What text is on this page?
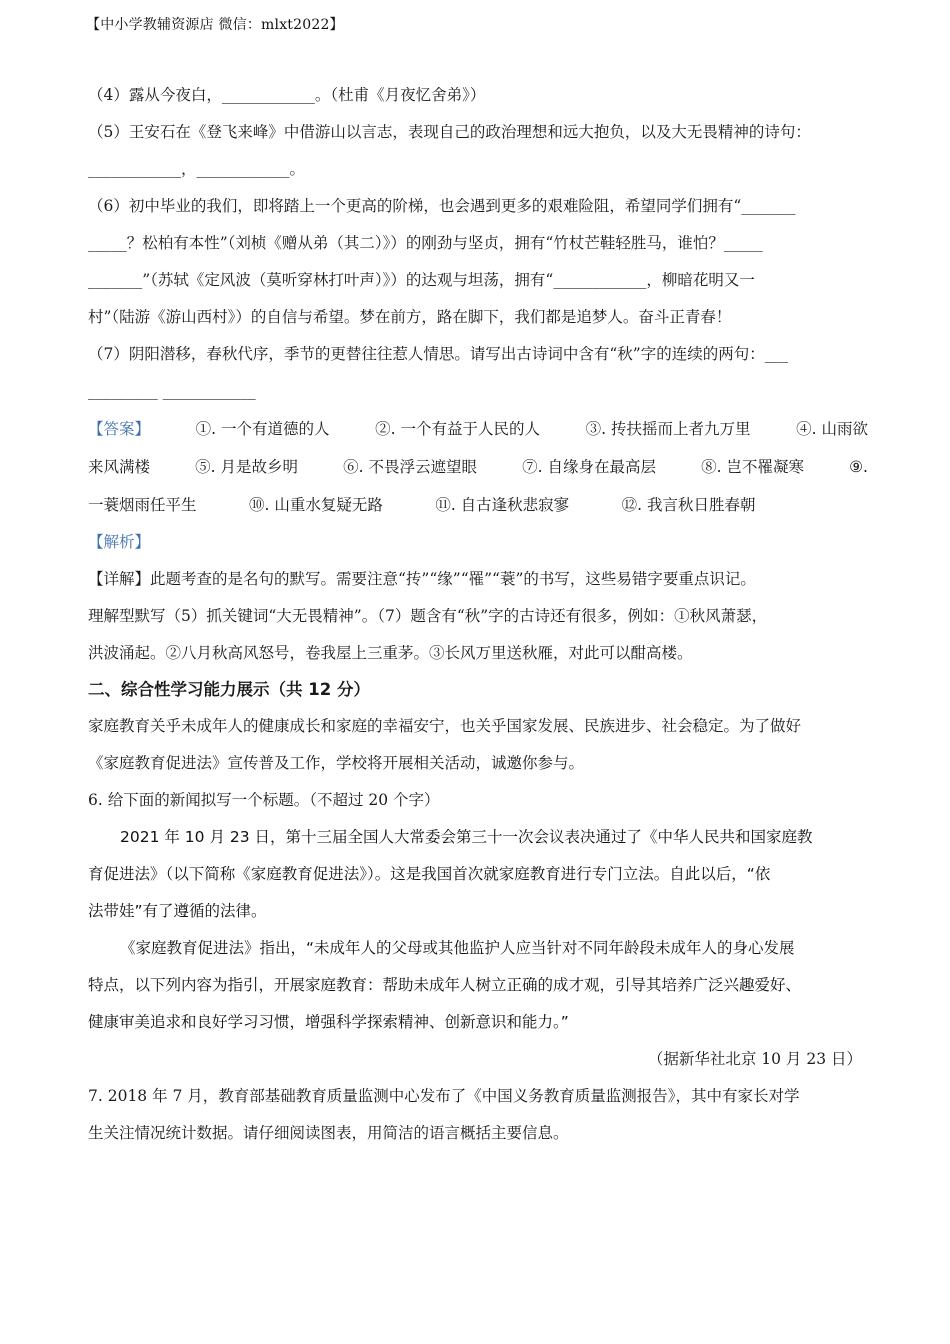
【中小学教辅资源店 微信：mlxt2022】
（4）露从今夜白，____________。（杜甫《月夜忆舍弟》）
（5）王安石在《登飞来峰》中借游山以言志，表现自己的政治理想和远大抱负，以及大无畏精神的诗句：
____________，____________。
（6）初中毕业的我们，即将踏上一个更高的阶梯，也会遇到更多的艰难险阻，希望同学们拥有“_______
_____？松柏有本性”（刘桢《赠从弟（其二）》）的刚劲与坚贞，拥有“竹杖芒鞋轻胜马，谁怕？_____
_______”（苏轼《定风波（莫听穿林打叶声）》）的达观与坦荡，拥有“____________，柳暗花明又一
村”（陆游《游山西村》）的自信与希望。梦在前方，路在脚下，我们都是追梦人。奋斗正青春！
（7）阴阳潜移，春秋代序，季节的更替往往惹人情思。请写出古诗词中含有“秋”字的连续的两句：___
_________ ____________
【答案】	①. 一个有道德的人	②. 一个有益于人民的人	③. 抟扶摇而上者九万里	④. 山雨欲
来风满楼	⑤. 月是故乡明	⑥. 不畏浮云遮望眼	⑦. 自缘身在最高层	⑧. 岂不罹凝寒	⑨.
一蓑烟雨任平生	⑩. 山重水复疑无路	⑪. 自古逢秋悲寂寥	⑫. 我言秋日胜春朝
【解析】
【详解】此题考查的是名句的默写。需要注意“抟”“缘”“罹”“蓑”的书写，这些易错字要重点识记。
理解型默写（5）抓关键词“大无畏精神”。（7）题含有“秋”字的古诗还有很多，例如：①秋风萧瑟，
洪波涌起。②八月秋高风怒号，卷我屋上三重茅。③长风万里送秋雁，对此可以酣高楼。
二、综合性学习能力展示（共 12 分）
家庭教育关乎未成年人的健康成长和家庭的幸福安宁，也关乎国家发展、民族进步、社会稳定。为了做好
《家庭教育促进法》宣传普及工作，学校将开展相关活动，诚邀你参与。
6. 给下面的新闻拟写一个标题。（不超过 20 个字）
2021 年 10 月 23 日，第十三届全国人大常委会第三十一次会议表决通过了《中华人民共和国家庭教
育促进法》（以下简称《家庭教育促进法》）。这是我国首次就家庭教育进行专门立法。自此以后，“依
法带娃”有了遵循的法律。
《家庭教育促进法》指出，“未成年人的父母或其他监护人应当针对不同年龄段未成年人的身心发展
特点，以下列内容为指引，开展家庭教育：帮助未成年人树立正确的成才观，引导其培养广泛兴趣爱好、
健康审美追求和良好学习习惯，增强科学探索精神、创新意识和能力。”
（据新华社北京 10 月 23 日）
7. 2018 年 7 月，教育部基础教育质量监测中心发布了《中国义务教育质量监测报告》，其中有家长对学
生关注情况统计数据。请仔细阅读图表，用简洁的语言概括主要信息。
